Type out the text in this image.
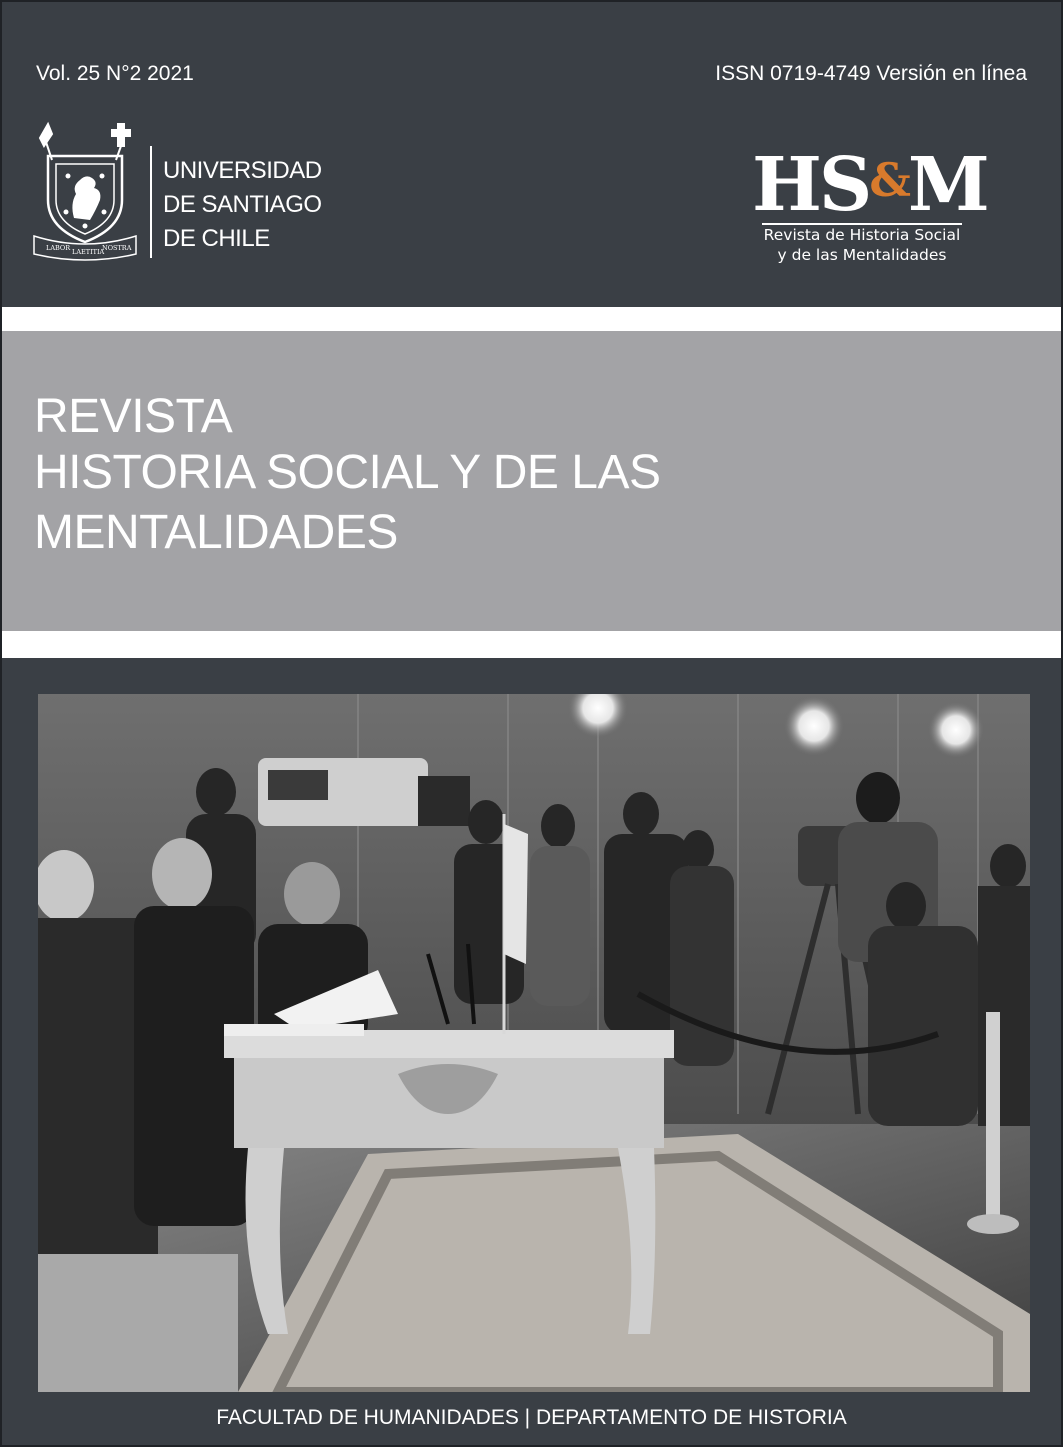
Vol. 25 N°2 2021	ISSN 0719-4749 Versión en línea
LABOR LAETITIA
NOSTRA
UNIVERSIDAD
DE SANTIAGO
DE CHILE
HS&M
Revista de Historia Social
y de las Mentalidades
REVISTA
HISTORIA SOCIAL Y DE LAS
MENTALIDADES
FACULTAD DE HUMANIDADES | DEPARTAMENTO DE HISTORIA
